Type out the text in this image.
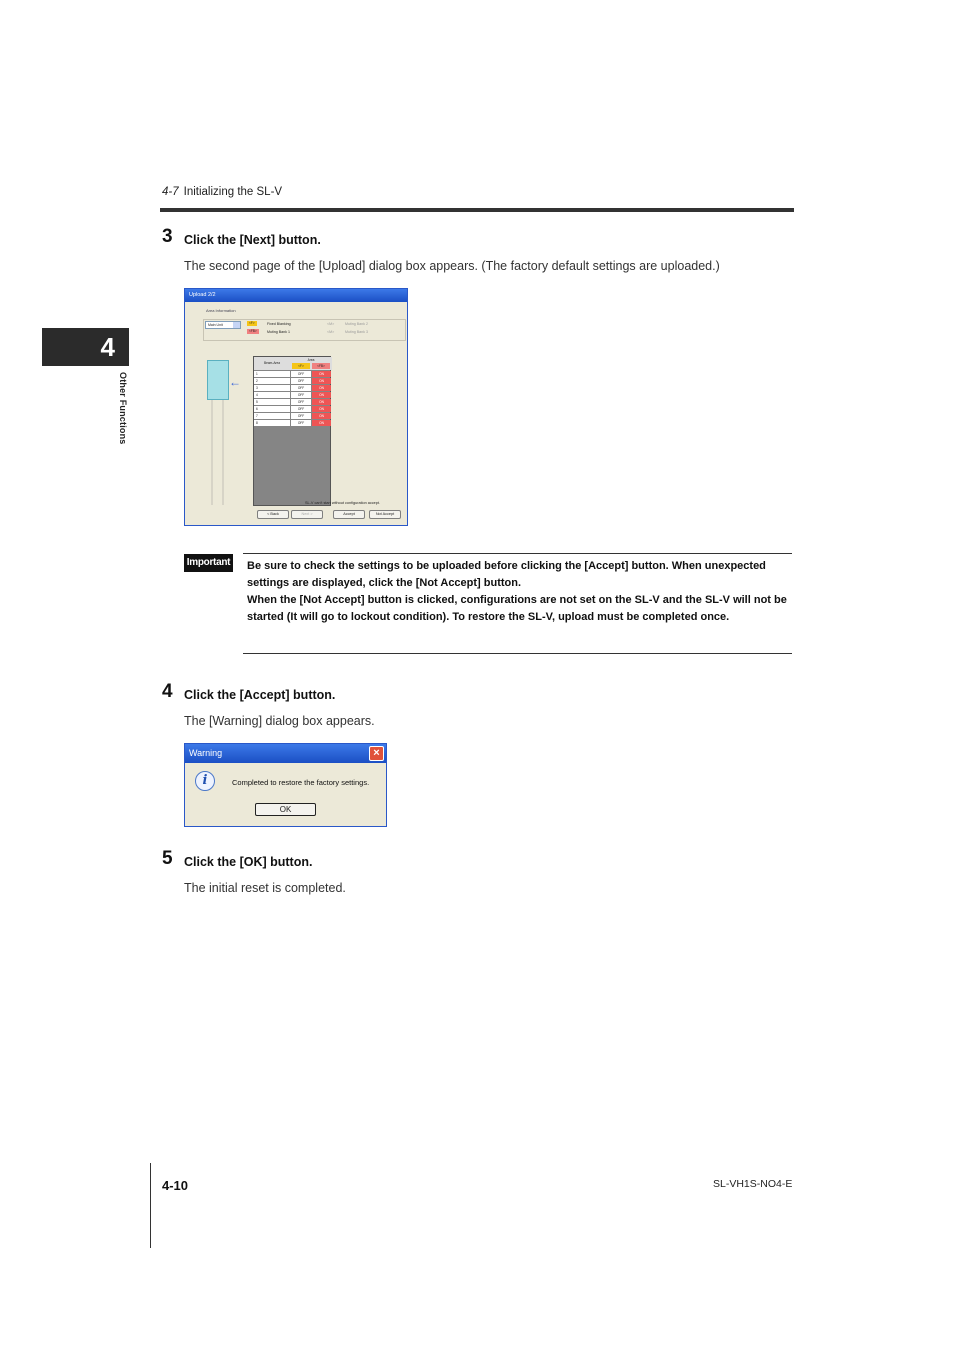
4-7 Initializing the SL-V
4
Other Functions
3 Click the [Next] button.
The second page of the [Upload] dialog box appears. (The factory default settings are uploaded.)
Upload 2/2
Area Information
Main Unit	<F>	Fixed Blanking
<FB>	Muting Bank 1
<M>	Muting Bank 2
<M>	Muting Bank 3
←
Beam-Area
Area
<F>	<FB>
1	OFF	ON
2	OFF	ON
3	OFF	ON
4	OFF	ON
5	OFF	ON
6	OFF	ON
7	OFF	ON
8	OFF	ON
SL-V can't start without configuration accept.
< Back	Next >	Accept	Not Accept
Important Be sure to check the settings to be uploaded before clicking the [Accept] button. When unexpected settings are displayed, click the [Not Accept] button.
When the [Not Accept] button is clicked, configurations are not set on the SL-V and the SL-V will not be started (It will go to lockout condition). To restore the SL-V, upload must be completed once.
4 Click the [Accept] button.
The [Warning] dialog box appears.
Warning	×
i	Completed to restore the factory settings.
OK
5 Click the [OK] button.
The initial reset is completed.
4-10	SL-VH1S-NO4-E
